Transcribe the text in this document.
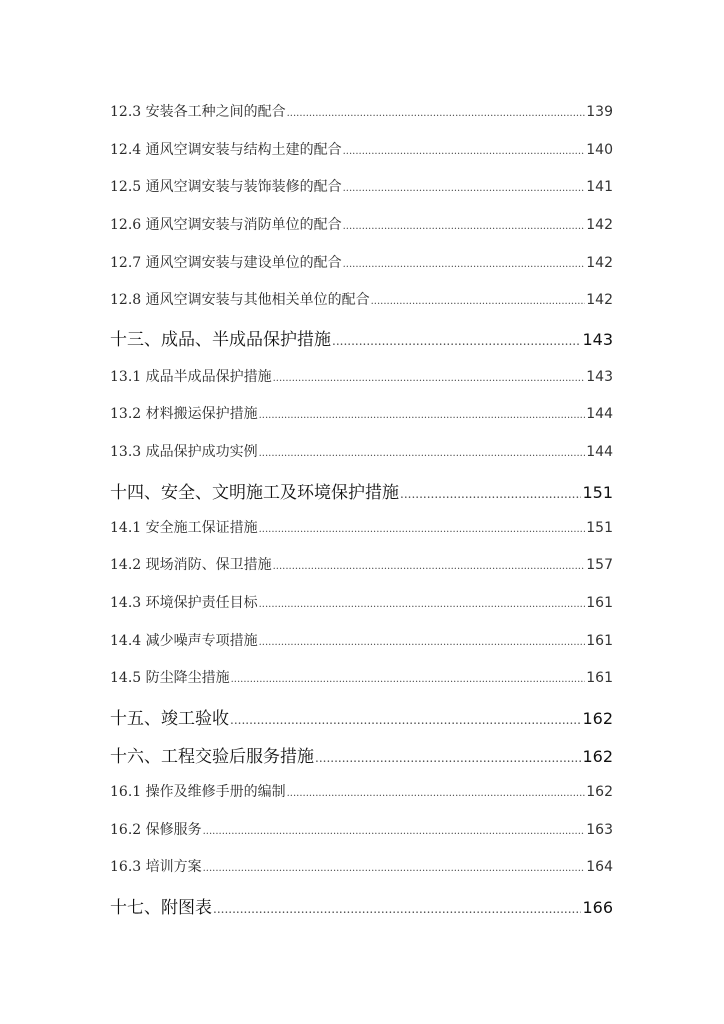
12.3 安装各工种之间的配合 .....	139
12.4 通风空调安装与结构土建的配合 .....	140
12.5 通风空调安装与装饰装修的配合 .....	141
12.6 通风空调安装与消防单位的配合 .....	142
12.7 通风空调安装与建设单位的配合 .....	142
12.8 通风空调安装与其他相关单位的配合 .....	142
十三、成品、半成品保护措施 .....	143
13.1 成品半成品保护措施 .....	143
13.2 材料搬运保护措施 .....	144
13.3 成品保护成功实例 .....	144
十四、安全、文明施工及环境保护措施 .....	151
14.1 安全施工保证措施 .....	151
14.2 现场消防、保卫措施 .....	157
14.3 环境保护责任目标 .....	161
14.4 减少噪声专项措施 .....	161
14.5 防尘降尘措施 .....	161
十五、竣工验收 .....	162
十六、工程交验后服务措施 .....	162
16.1 操作及维修手册的编制 .....	162
16.2 保修服务 .....	163
16.3 培训方案 .....	164
十七、附图表 .....	166
